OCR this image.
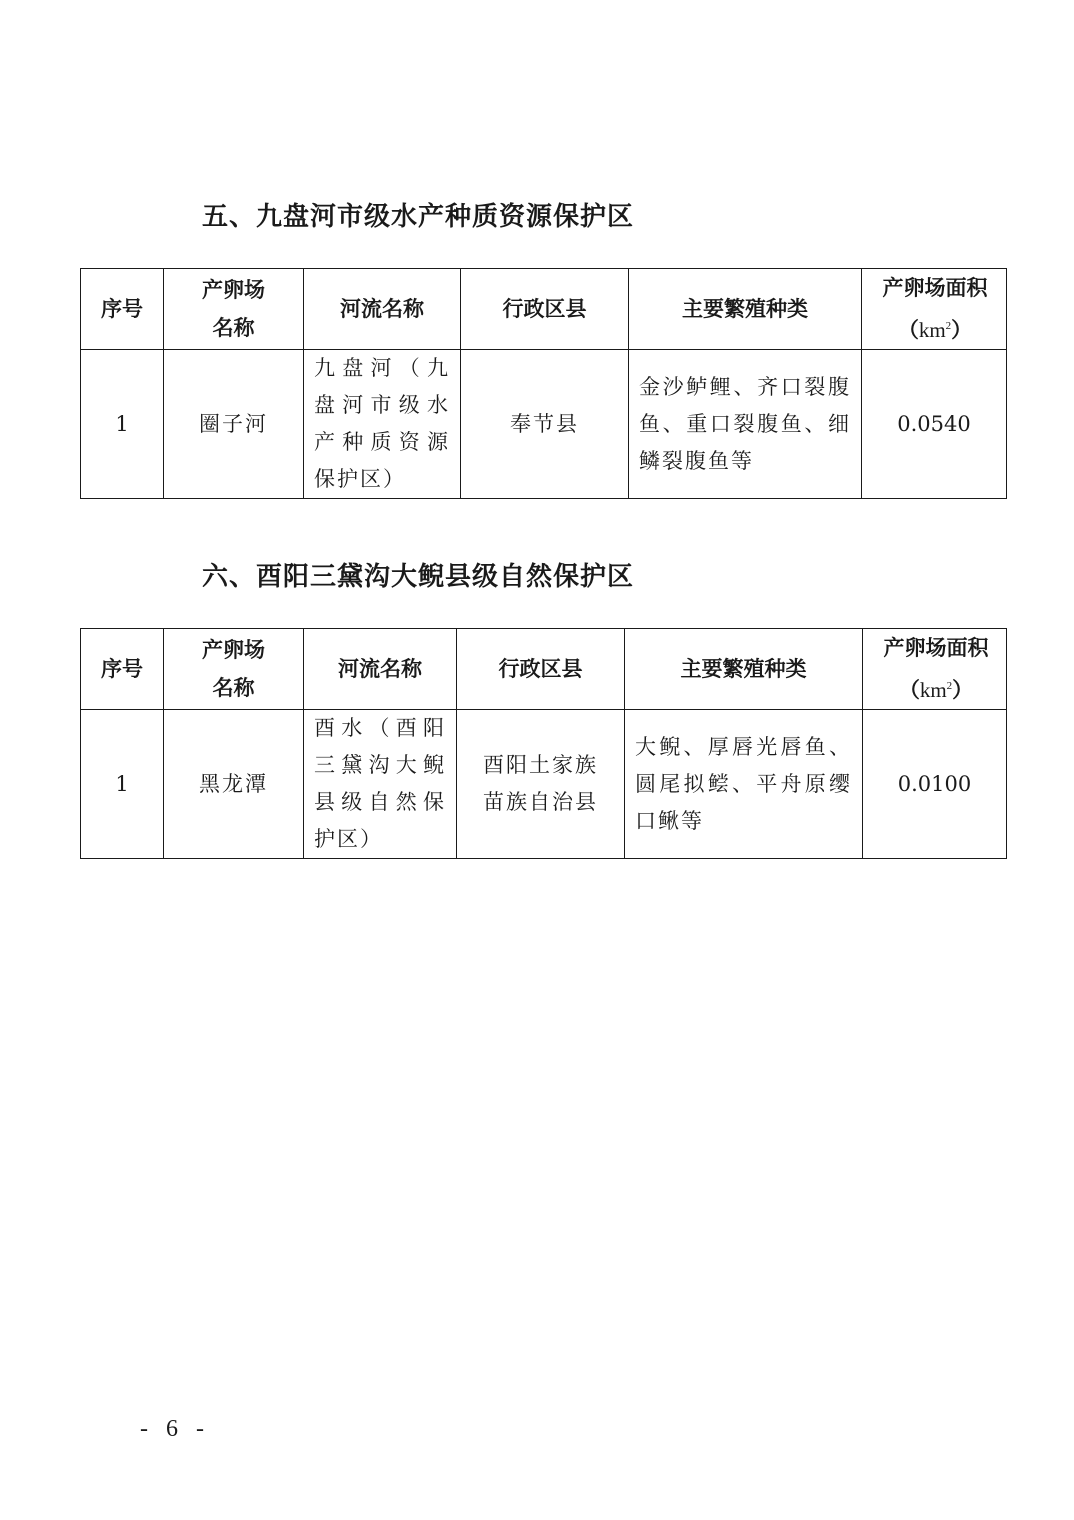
五、九盘河市级水产种质资源保护区
序号	产卵场名称	河流名称	行政区县	主要繁殖种类	产卵场面积$(km^2)$
1	圈子河	九盘河（九盘河市级水产种质资源保护区）	奉节县	金沙鲈鲤、齐口裂腹鱼、重口裂腹鱼、细鳞裂腹鱼等	0.0540
六、酉阳三黛沟大鲵县级自然保护区
序号	产卵场名称	河流名称	行政区县	主要繁殖种类	产卵场面积$(km^2)$
1	黑龙潭	酉水（酉阳三黛沟大鲵县级自然保护区）	酉阳土家族苗族自治县	大鲵、厚唇光唇鱼、圆尾拟鲿、平舟原缨口鳅等	0.0100
- 6 -
